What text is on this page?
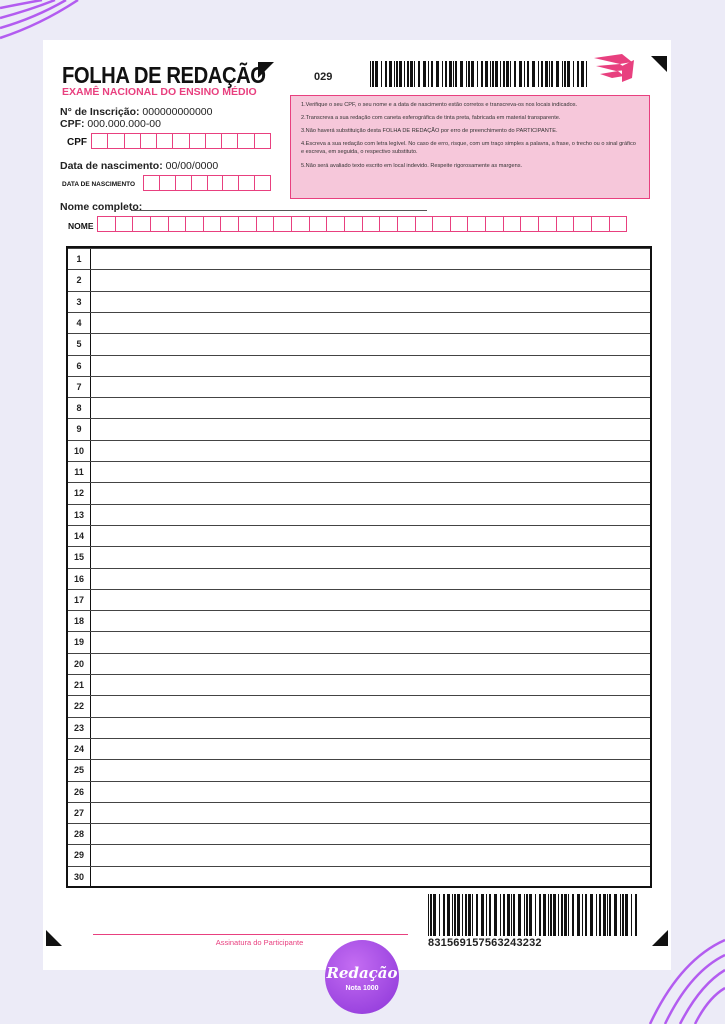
FOLHA DE REDAÇÃO
EXAMÊ NACIONAL DO ENSINO MÉDIO
029
N° de Inscrição: 000000000000
CPF: 000.000.000-00
CPF
Data de nascimento: 00/00/0000
DATA DE NASCIMENTO
Nome completo:
NOME

1.Verifique o seu CPF, o seu nome e a data de nascimento estão corretos e transcreva-os nos locais indicados.

2.Transcreva a sua redação com caneta esferográfica de tinta preta, fabricada em material transparente.

3.Não haverá substituição desta FOLHA DE REDAÇÃO por erro de preenchimento do PARTICIPANTE.

4.Escreva a sua redação com letra legível. No caso de erro, risque, com um traço simples a palavra, a frase, o trecho ou o sinal gráfico e escreva, em seguida, o respectivo substituto.

5.Não será avaliado texto escrito em local indevido. Respeite rigorosamente as margens.

1
2
3
4
5
6
7
8
9
10
11
12
13
14
15
16
17
18
19
20
21
22
23
24
25
26
27
28
29
30
831569157563243232
Assinatura do Participante
Redação
Nota 1000
